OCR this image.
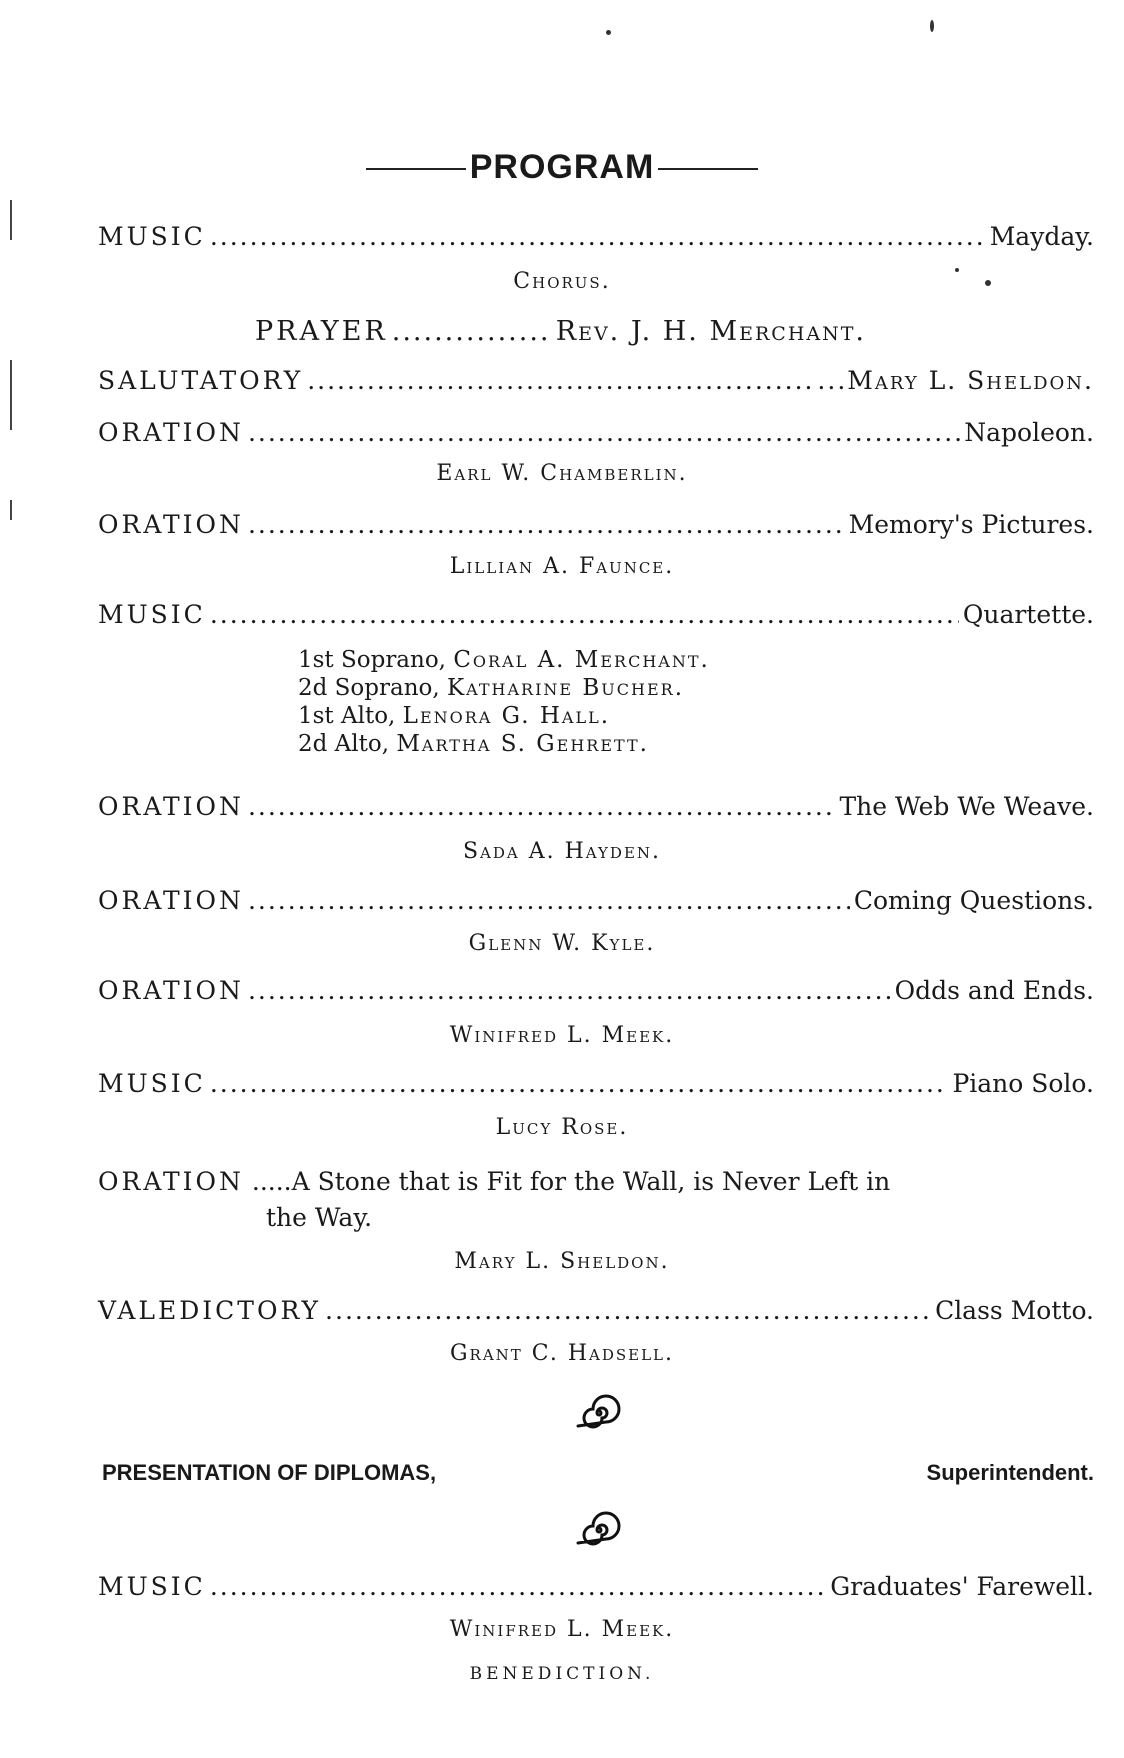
PROGRAM
MUSIC .....	Mayday.
Chorus.
PRAYER .....	Rev. J. H. Merchant.
SALUTATORY .....	...Mary L. Sheldon.
ORATION .....	Napoleon.
Earl W. Chamberlin.
ORATION .....	Memory's Pictures.
Lillian A. Faunce.
MUSIC .....	Quartette.
1st Soprano, Coral A. Merchant.
2d Soprano, Katharine Bucher.
1st Alto, Lenora G. Hall.
2d Alto, Martha S. Gehrett.
ORATION .....	The Web We Weave.
Sada A. Hayden.
ORATION .....	Coming Questions.
Glenn W. Kyle.
ORATION .....	Odds and Ends.
Winifred L. Meek.
MUSIC .....	Piano Solo.
Lucy Rose.
ORATION .....A Stone that is Fit for the Wall, is Never Left in
the Way.
Mary L. Sheldon.
VALEDICTORY .....	Class Motto.
Grant C. Hadsell.
PRESENTATION OF DIPLOMAS,	Superintendent.
MUSIC .....	Graduates' Farewell.
Winifred L. Meek.
BENEDICTION.
